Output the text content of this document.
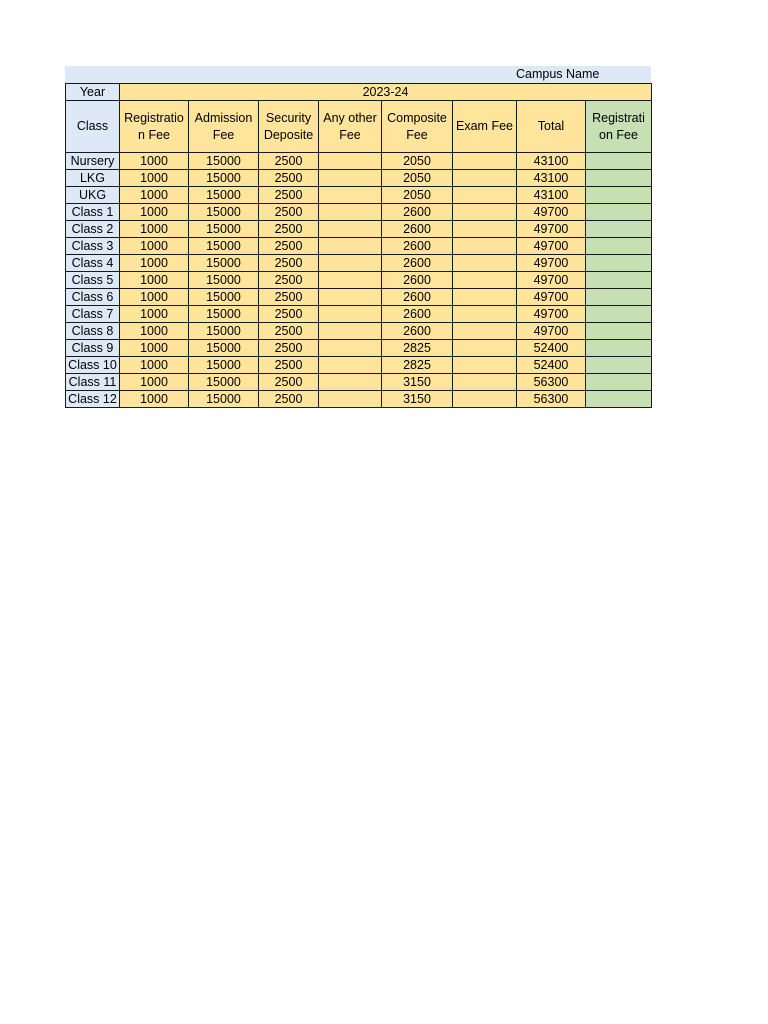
Campus Name
Year	2023-24							
Class	Registratio n Fee	Admission Fee	Security Deposite	Any other Fee	Composite Fee	Exam Fee	Total	Registrati on Fee
Nursery	1000	15000	2500		2050		43100	
LKG	1000	15000	2500		2050		43100	
UKG	1000	15000	2500		2050		43100	
Class 1	1000	15000	2500		2600		49700	
Class 2	1000	15000	2500		2600		49700	
Class 3	1000	15000	2500		2600		49700	
Class 4	1000	15000	2500		2600		49700	
Class 5	1000	15000	2500		2600		49700	
Class 6	1000	15000	2500		2600		49700	
Class 7	1000	15000	2500		2600		49700	
Class 8	1000	15000	2500		2600		49700	
Class 9	1000	15000	2500		2825		52400	
Class 10	1000	15000	2500		2825		52400	
Class 11	1000	15000	2500		3150		56300	
Class 12	1000	15000	2500		3150		56300	
